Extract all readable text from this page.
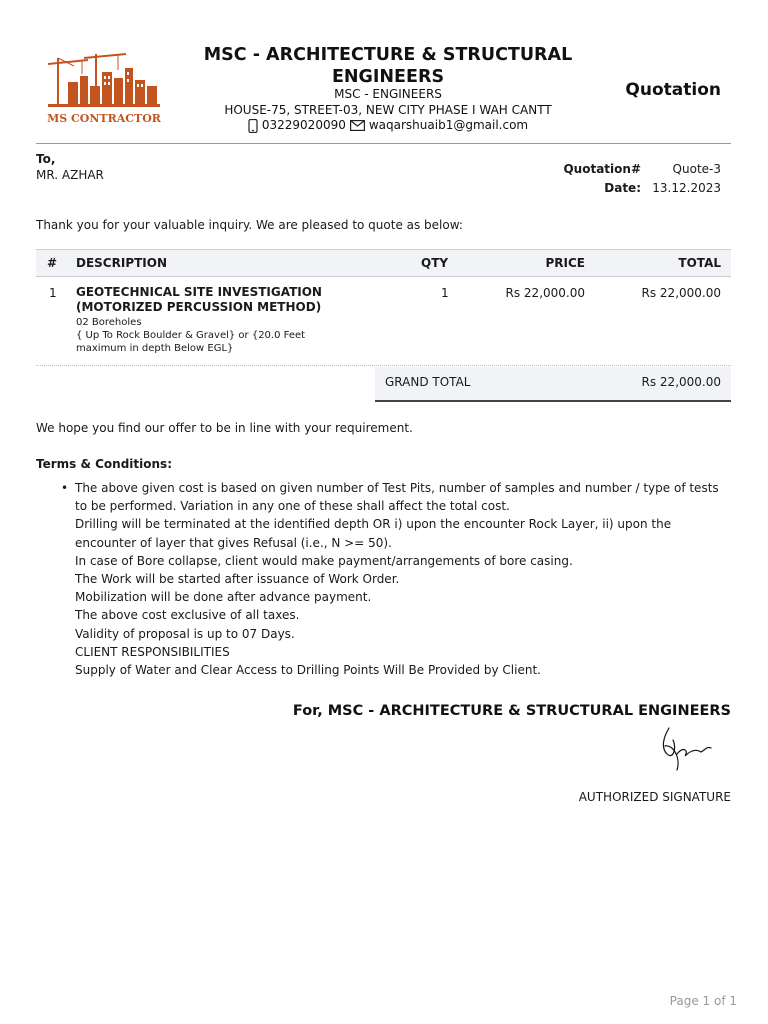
MS CONTRACTOR
MSC - ARCHITECTURE & STRUCTURAL
ENGINEERS
MSC - ENGINEERS
HOUSE-75, STREET-03, NEW CITY PHASE I WAH CANTT
03229020090 waqarshuaib1@gmail.com
Quotation
To,
MR. AZHAR	Quotation#	Quote-3
Date: 13.12.2023
Thank you for your valuable inquiry. We are pleased to quote as below:
# DESCRIPTION	QTY	PRICE	TOTAL
1 GEOTECHNICAL SITE INVESTIGATION
(MOTORIZED PERCUSSION METHOD)
02 Boreholes
{ Up To Rock Boulder & Gravel} or {20.0 Feet
maximum in depth Below EGL}
1	Rs 22,000.00	Rs 22,000.00
GRAND TOTAL	Rs 22,000.00
We hope you find our offer to be in line with your requirement.
Terms & Conditions:
• The above given cost is based on given number of Test Pits, number of samples and number / type of tests
to be performed. Variation in any one of these shall affect the total cost.
Drilling will be terminated at the identified depth OR i) upon the encounter Rock Layer, ii) upon the
encounter of layer that gives Refusal (i.e., N >= 50).
In case of Bore collapse, client would make payment/arrangements of bore casing.
The Work will be started after issuance of Work Order.
Mobilization will be done after advance payment.
The above cost exclusive of all taxes.
Validity of proposal is up to 07 Days.
CLIENT RESPONSIBILITIES
Supply of Water and Clear Access to Drilling Points Will Be Provided by Client.
For, MSC - ARCHITECTURE & STRUCTURAL ENGINEERS
AUTHORIZED SIGNATURE
Page 1 of 1
